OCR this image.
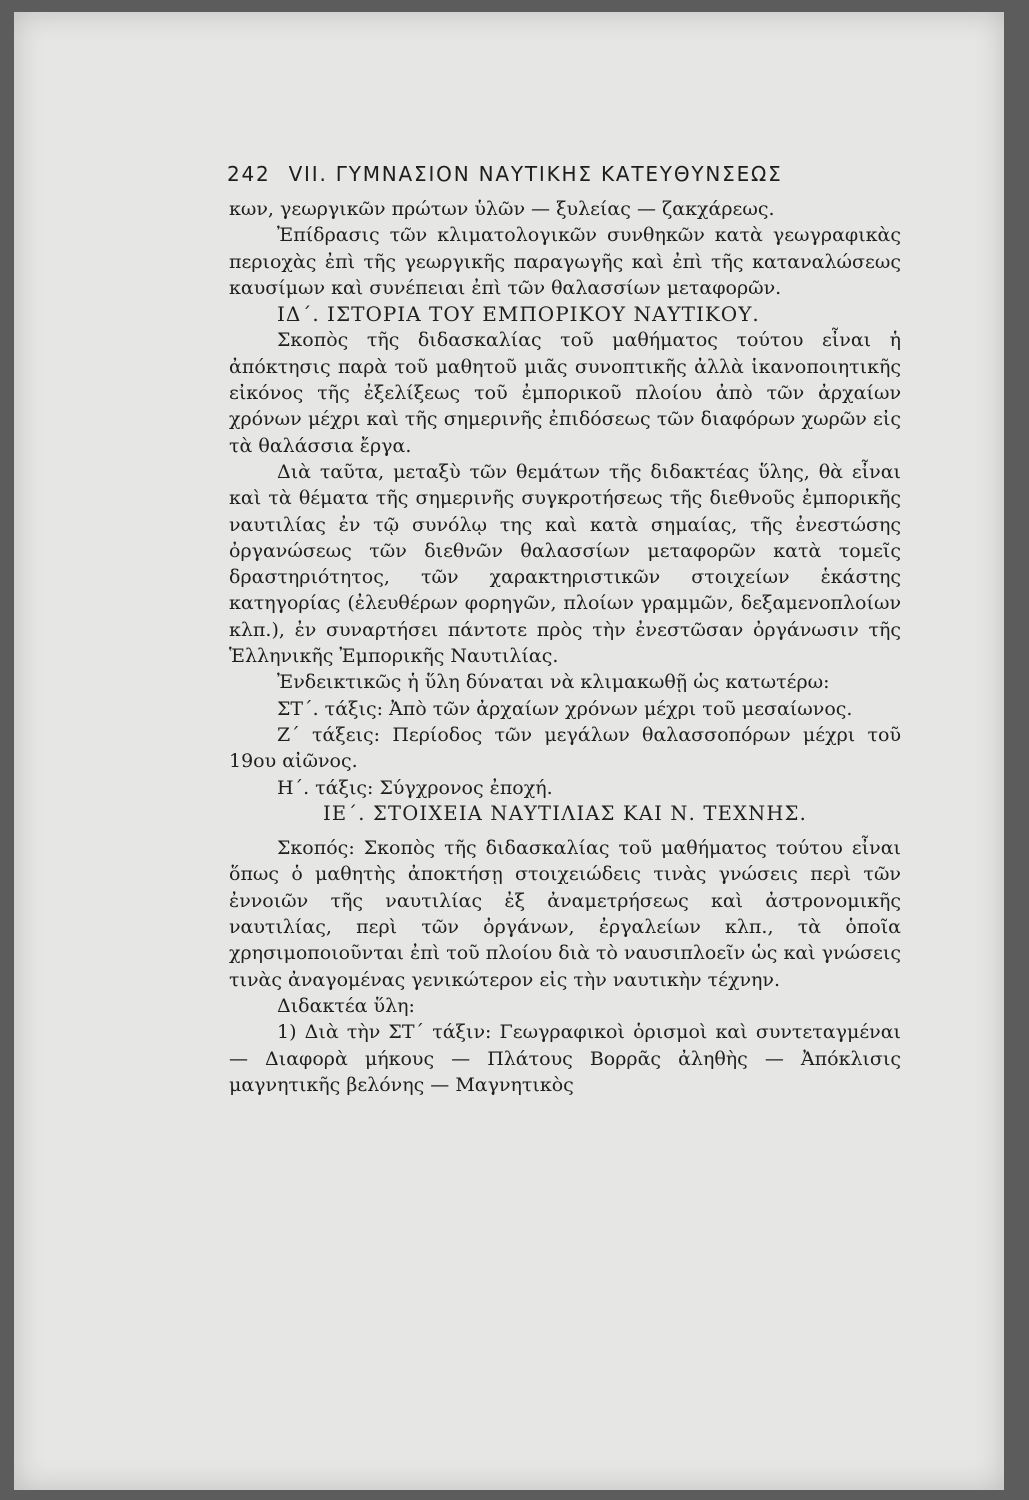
242 VII. ΓΥΜΝΑΣΙΟΝ ΝΑΥΤΙΚΗΣ ΚΑΤΕΥΘΥΝΣΕΩΣ

κων, γεωργικῶν πρώτων ὑλῶν — ξυλείας — ζακχάρεως.

Ἐπίδρασις τῶν κλιματολογικῶν συνθηκῶν κατὰ γεωγραφικὰς περιοχὰς ἐπὶ τῆς γεωργικῆς παραγωγῆς καὶ ἐπὶ τῆς καταναλώσεως καυσίμων καὶ συνέπειαι ἐπὶ τῶν θαλασσίων μεταφορῶν.

ΙΔ΄. ΙΣΤΟΡΙΑ ΤΟΥ ΕΜΠΟΡΙΚΟΥ ΝΑΥΤΙΚΟΥ.

Σκοπὸς τῆς διδασκαλίας τοῦ μαθήματος τούτου εἶναι ἡ ἀπόκτησις παρὰ τοῦ μαθητοῦ μιᾶς συνοπτικῆς ἀλλὰ ἱκανοποιητικῆς εἰκόνος τῆς ἐξελίξεως τοῦ ἐμπορικοῦ πλοίου ἀπὸ τῶν ἀρχαίων χρόνων μέχρι καὶ τῆς σημερινῆς ἐπιδόσεως τῶν διαφόρων χωρῶν εἰς τὰ θαλάσσια ἔργα.

Διὰ ταῦτα, μεταξὺ τῶν θεμάτων τῆς διδακτέας ὕλης, θὰ εἶναι καὶ τὰ θέματα τῆς σημερινῆς συγκροτήσεως τῆς διεθνοῦς ἐμπορικῆς ναυτιλίας ἐν τῷ συνόλῳ της καὶ κατὰ σημαίας, τῆς ἐνεστώσης ὀργανώσεως τῶν διεθνῶν θαλασσίων μεταφορῶν κατὰ τομεῖς δραστηριότητος, τῶν χαρακτηριστικῶν στοιχείων ἑκάστης κατηγορίας (ἐλευθέρων φορηγῶν, πλοίων γραμμῶν, δεξαμενοπλοίων κλπ.), ἐν συναρτήσει πάντοτε πρὸς τὴν ἐνεστῶσαν ὀργάνωσιν τῆς Ἑλληνικῆς Ἐμπορικῆς Ναυτιλίας.

Ἐνδεικτικῶς ἡ ὕλη δύναται νὰ κλιμακωθῇ ὡς κατωτέρω:

ΣΤ΄. τάξις: Ἀπὸ τῶν ἀρχαίων χρόνων μέχρι τοῦ μεσαίωνος.

Ζ΄ τάξεις: Περίοδος τῶν μεγάλων θαλασσοπόρων μέχρι τοῦ 19ου αἰῶνος.

Η΄. τάξις: Σύγχρονος ἐποχή.

ΙΕ΄. ΣΤΟΙΧΕΙΑ ΝΑΥΤΙΛΙΑΣ ΚΑΙ Ν. ΤΕΧΝΗΣ.

Σκοπός: Σκοπὸς τῆς διδασκαλίας τοῦ μαθήματος τούτου εἶναι ὅπως ὁ μαθητὴς ἀποκτήσῃ στοιχειώδεις τινὰς γνώσεις περὶ τῶν ἐννοιῶν τῆς ναυτιλίας ἐξ ἀναμετρήσεως καὶ ἀστρονομικῆς ναυτιλίας, περὶ τῶν ὀργάνων, ἐργαλείων κλπ., τὰ ὁποῖα χρησιμοποιοῦνται ἐπὶ τοῦ πλοίου διὰ τὸ ναυσιπλοεῖν ὡς καὶ γνώσεις τινὰς ἀναγομένας γενικώτερον εἰς τὴν ναυτικὴν τέχνην.

Διδακτέα ὕλη:

1) Διὰ τὴν ΣΤ΄ τάξιν: Γεωγραφικοὶ ὁρισμοὶ καὶ συντεταγμέναι — Διαφορὰ μήκους — Πλάτους Βορρᾶς ἀληθὴς — Ἀπόκλισις μαγνητικῆς βελόνης — Μαγνητικὸς
